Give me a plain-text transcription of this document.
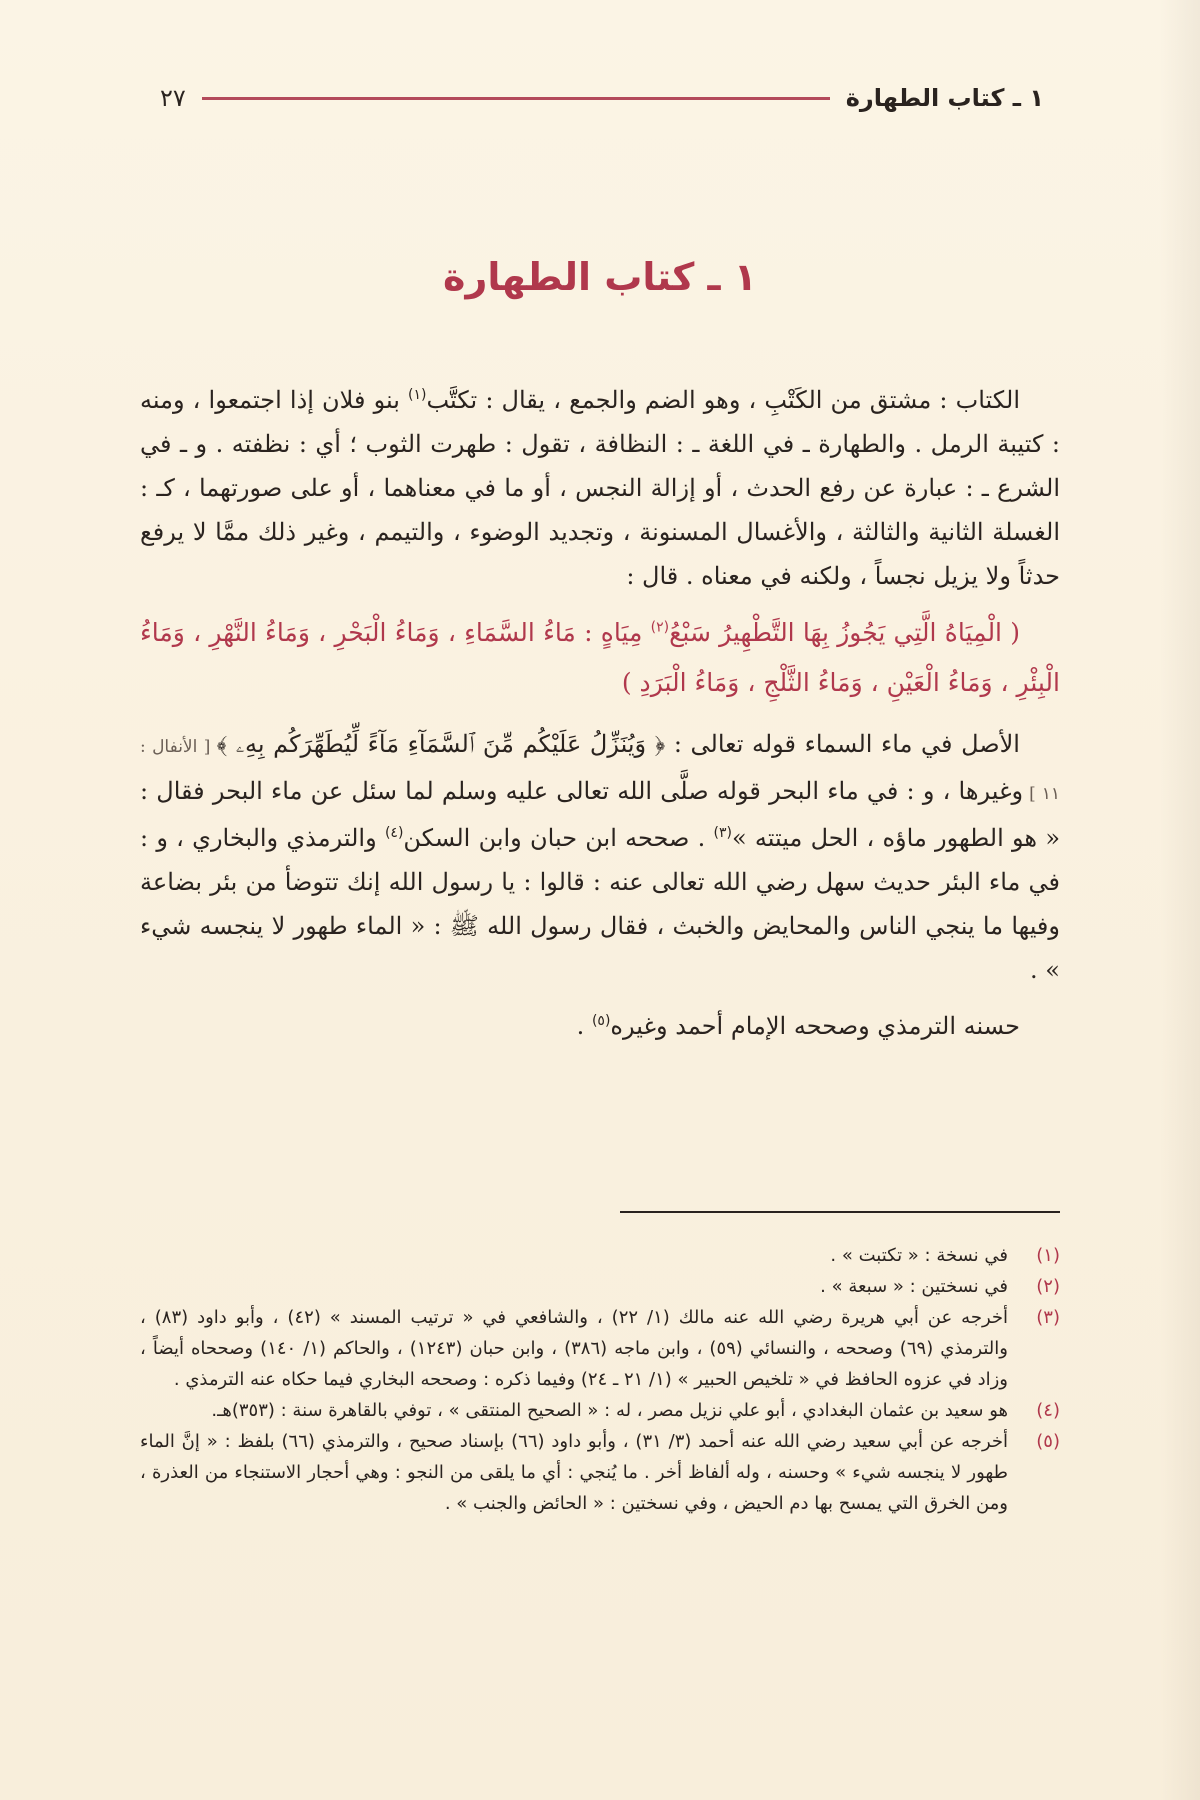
١ ـ كتاب الطهارة
٢٧
١ ـ كتاب الطهارة

الكتاب : مشتق من الكَتْبِ ، وهو الضم والجمع ، يقال : تكتَّب$^{(١)}$ بنو فلان إذا اجتمعوا ، ومنه : كتيبة الرمل . والطهارة ـ في اللغة ـ : النظافة ، تقول : طهرت الثوب ؛ أي : نظفته . و ـ في الشرع ـ : عبارة عن رفع الحدث ، أو إزالة النجس ، أو ما في معناهما ، أو على صورتهما ، كـ : الغسلة الثانية والثالثة ، والأغسال المسنونة ، وتجديد الوضوء ، والتيمم ، وغير ذلك ممَّا لا يرفع حدثاً ولا يزيل نجساً ، ولكنه في معناه . قال :

( الْمِيَاهُ الَّتِي يَجُوزُ بِهَا التَّطْهِيرُ سَبْعُ$^{(٢)}$ مِيَاهٍ : مَاءُ السَّمَاءِ ، وَمَاءُ الْبَحْرِ ، وَمَاءُ النَّهْرِ ، وَمَاءُ الْبِئْرِ ، وَمَاءُ الْعَيْنِ ، وَمَاءُ الثَّلْجِ ، وَمَاءُ الْبَرَدِ )

الأصل في ماء السماء قوله تعالى : ﴿ وَيُنَزِّلُ عَلَيْكُم مِّنَ ٱلسَّمَآءِ مَآءً لِّيُطَهِّرَكُم بِهِۦ ﴾ [ الأنفال : ١١ ] وغيرها ، و : في ماء البحر قوله صلَّى الله تعالى عليه وسلم لما سئل عن ماء البحر فقال : « هو الطهور ماؤه ، الحل ميتته »$^{(٣)}$ . صححه ابن حبان وابن السكن$^{(٤)}$ والترمذي والبخاري ، و : في ماء البئر حديث سهل رضي الله تعالى عنه : قالوا : يا رسول الله إنك تتوضأ من بئر بضاعة وفيها ما ينجي الناس والمحايض والخبث ، فقال رسول الله ﷺ : « الماء طهور لا ينجسه شيء » .

حسنه الترمذي وصححه الإمام أحمد وغيره$^{(٥)}$ .

(١)
في نسخة : « تكتبت » .
(٢)
في نسختين : « سبعة » .
(٣)
أخرجه عن أبي هريرة رضي الله عنه مالك (١/ ٢٢) ، والشافعي في « ترتيب المسند » (٤٢) ، وأبو داود (٨٣) ، والترمذي (٦٩) وصححه ، والنسائي (٥٩) ، وابن ماجه (٣٨٦) ، وابن حبان (١٢٤٣) ، والحاكم (١/ ١٤٠) وصححاه أيضاً ، وزاد في عزوه الحافظ في « تلخيص الحبير » (١/ ٢١ ـ ٢٤) وفيما ذكره : وصححه البخاري فيما حكاه عنه الترمذي .
(٤)
هو سعيد بن عثمان البغدادي ، أبو علي نزيل مصر ، له : « الصحيح المنتقى » ، توفي بالقاهرة سنة : (٣٥٣)هـ.
(٥)
أخرجه عن أبي سعيد رضي الله عنه أحمد (٣/ ٣١) ، وأبو داود (٦٦) بإسناد صحيح ، والترمذي (٦٦) بلفظ : « إنَّ الماء طهور لا ينجسه شيء » وحسنه ، وله ألفاظ أخر . ما يُنجي : أي ما يلقى من النجو : وهي أحجار الاستنجاء من العذرة ، ومن الخرق التي يمسح بها دم الحيض ، وفي نسختين : « الحائض والجنب » .
